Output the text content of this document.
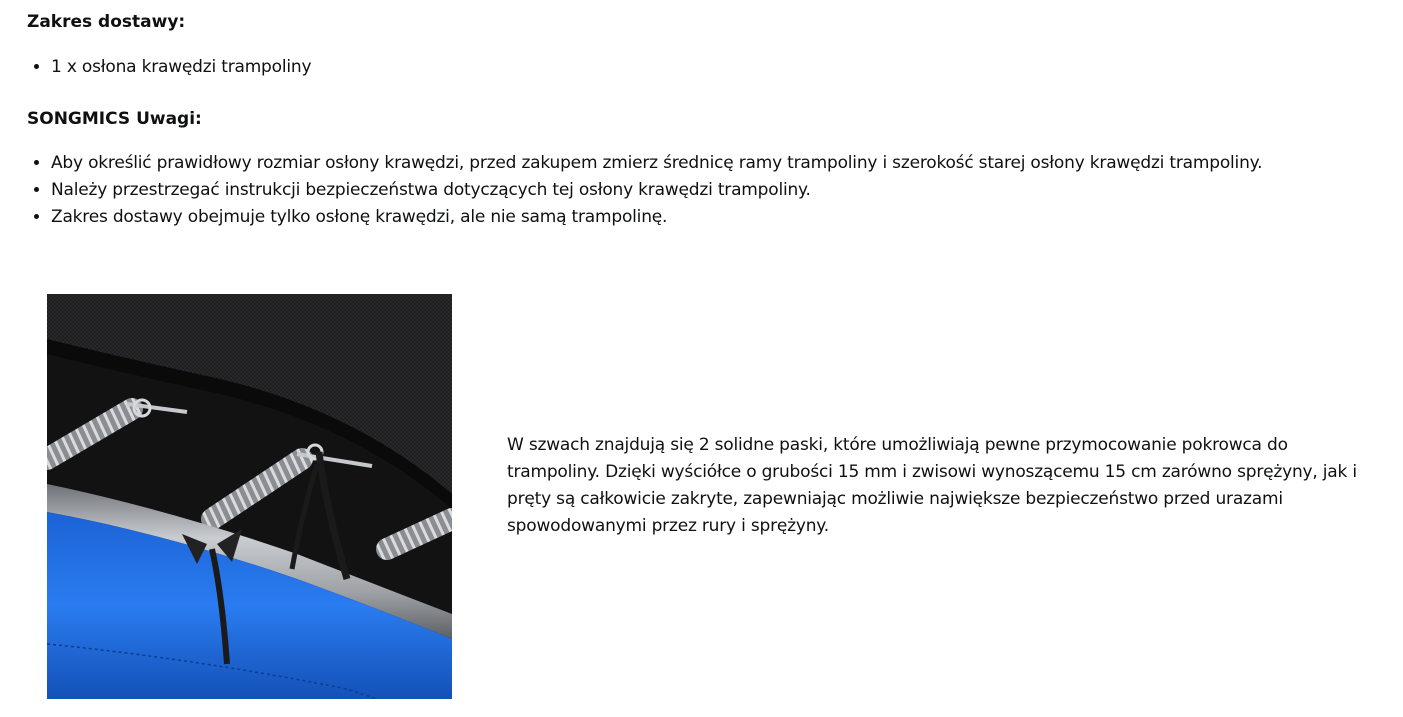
Zakres dostawy:
• 1 x osłona krawędzi trampoliny
SONGMICS Uwagi:
• Aby określić prawidłowy rozmiar osłony krawędzi, przed zakupem zmierz średnicę ramy trampoliny i szerokość starej osłony krawędzi trampoliny.
• Należy przestrzegać instrukcji bezpieczeństwa dotyczących tej osłony krawędzi trampoliny.
• Zakres dostawy obejmuje tylko osłonę krawędzi, ale nie samą trampolinę.

W szwach znajdują się 2 solidne paski, które umożliwiają pewne przymocowanie pokrowca do trampoliny. Dzięki wyściółce o grubości 15 mm i zwisowi wynoszącemu 15 cm zarówno sprężyny, jak i pręty są całkowicie zakryte, zapewniając możliwie największe bezpieczeństwo przed urazami spowodowanymi przez rury i sprężyny.
